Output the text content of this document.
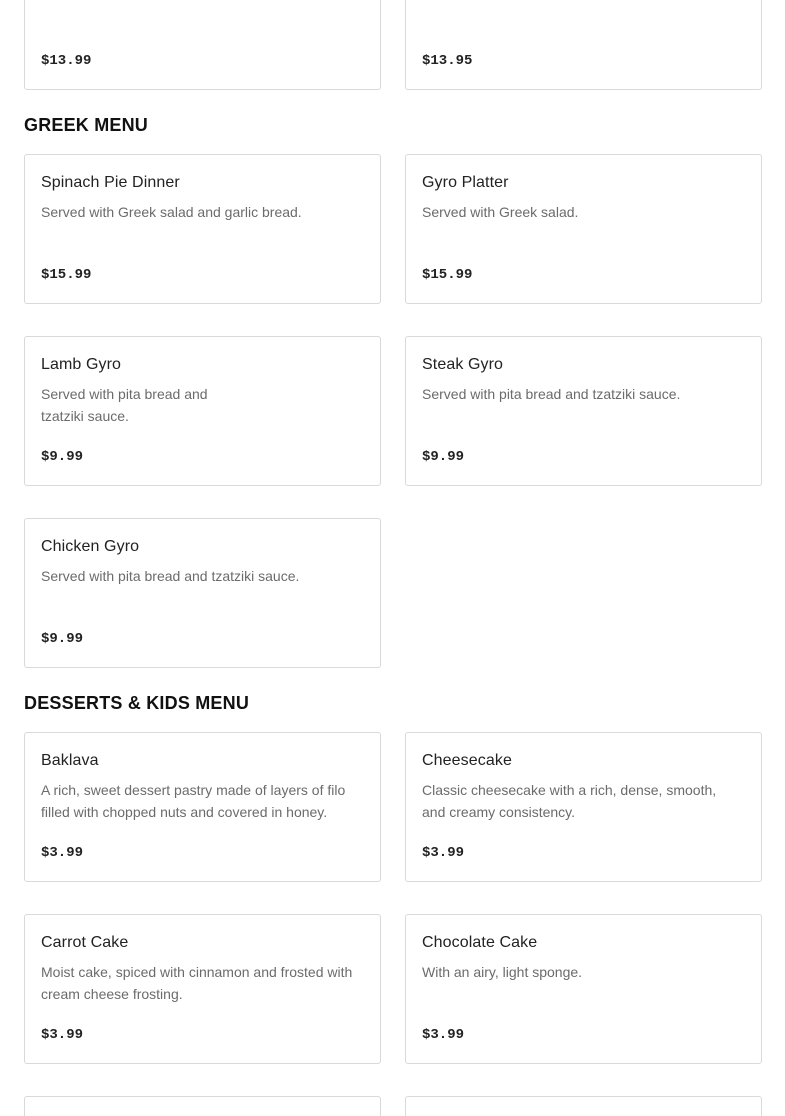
$13.99	$13.95
GREEK MENU
Spinach Pie Dinner
Served with Greek salad and garlic bread.
$15.99
Gyro Platter
Served with Greek salad.
$15.99
Lamb Gyro
Served with pita bread and tzatziki sauce.
$9.99
Steak Gyro
Served with pita bread and tzatziki sauce.
$9.99
Chicken Gyro
Served with pita bread and tzatziki sauce.
$9.99
DESSERTS & KIDS MENU
Baklava
A rich, sweet dessert pastry made of layers of filo filled with chopped nuts and covered in honey.
$3.99
Cheesecake
Classic cheesecake with a rich, dense, smooth, and creamy consistency.
$3.99
Carrot Cake
Moist cake, spiced with cinnamon and frosted with cream cheese frosting.
$3.99
Chocolate Cake
With an airy, light sponge.
$3.99
